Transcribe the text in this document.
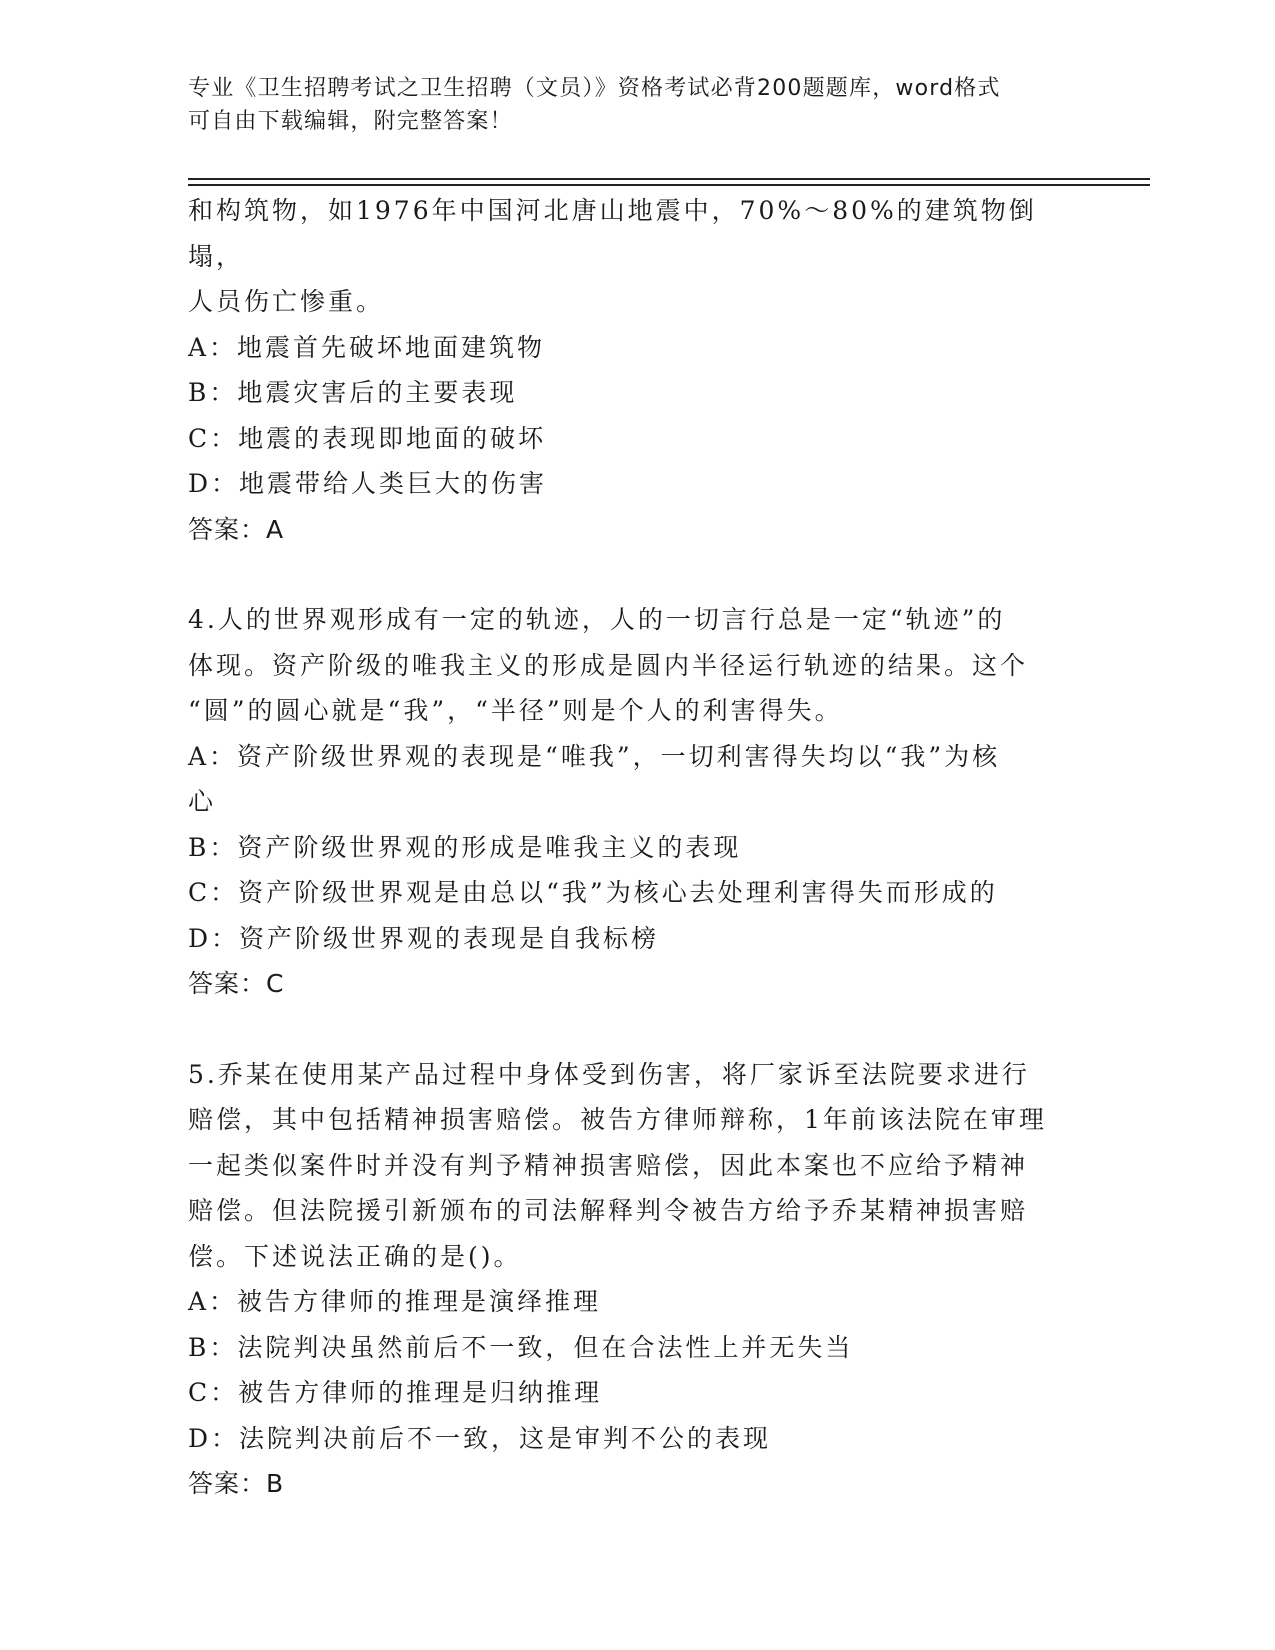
专业《卫生招聘考试之卫生招聘（文员）》资格考试必背200题题库，word格式
可自由下载编辑，附完整答案！

和构筑物，如1976年中国河北唐山地震中，70%～80%的建筑物倒塌，

人员伤亡惨重。

A：地震首先破坏地面建筑物

B：地震灾害后的主要表现

C：地震的表现即地面的破坏

D：地震带给人类巨大的伤害

答案：A

4.人的世界观形成有一定的轨迹，人的一切言行总是一定“轨迹”的

体现。资产阶级的唯我主义的形成是圆内半径运行轨迹的结果。这个

“圆”的圆心就是“我”，“半径”则是个人的利害得失。

A：资产阶级世界观的表现是“唯我”，一切利害得失均以“我”为核

心

B：资产阶级世界观的形成是唯我主义的表现

C：资产阶级世界观是由总以“我”为核心去处理利害得失而形成的

D：资产阶级世界观的表现是自我标榜

答案：C

5.乔某在使用某产品过程中身体受到伤害，将厂家诉至法院要求进行

赔偿，其中包括精神损害赔偿。被告方律师辩称，1年前该法院在审理

一起类似案件时并没有判予精神损害赔偿，因此本案也不应给予精神

赔偿。但法院援引新颁布的司法解释判令被告方给予乔某精神损害赔

偿。下述说法正确的是()。

A：被告方律师的推理是演绎推理

B：法院判决虽然前后不一致，但在合法性上并无失当

C：被告方律师的推理是归纳推理

D：法院判决前后不一致，这是审判不公的表现

答案：B
